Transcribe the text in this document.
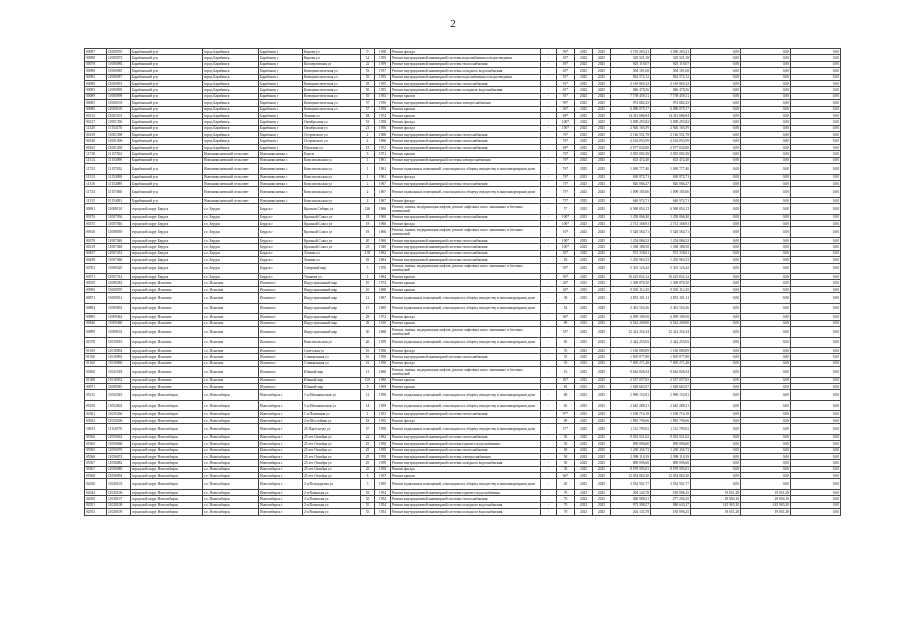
2
00097	11000070	Барабинский р-н	город Барабинск	Барабинск г	Кирова ул	9	1958	Ремонт фасада	-	96*	2025	2025	3 710 203,21	3 590 203,21	0,00	0,00	0,00
00098	11000075	Барабинский р-н	город Барабинск	Барабинск г	Кирова ул	12	1959	Ремонт внутридомовой инженерной системы водоснабжения и водоотведения	-	65*	2025	2025	329 521,18	329 521,18	0,00	0,00	0,00
00078	11000080	Барабинский р-н	город Барабинск	Барабинск г	Кооперативная ул	22	1959	Ремонт внутридомовой инженерной системы теплоснабжения	-	85*	2025	2025	825 118,07	825 118,07	0,00	0,00	0,00
00096	11000085	Барабинский р-н	город Барабинск	Барабинск г	Коммунистическая ул	53	1957	Ремонт внутридомовой инженерной системы холодного водоснабжения	-	65*	2025	2025	504 181,68	504 181,68	0,00	0,00	0,00
00092	11000087	Барабинский р-н	город Барабинск	Барабинск г	Коммунистическая ул	55	1955	Ремонт внутридомовой инженерной системы водоснабжения и водоотведения	-	91*	2025	2025	943 572,12	943 572,12	0,00	0,00	0,00
00090	11000091	Барабинский р-н	город Барабинск	Барабинск г	Коммунистическая ул	55	1955	Ремонт внутридомовой инженерной системы теплоснабжения	-	91*	2025	2025	2 149 865,32	2 149 865,32	0,00	0,00	0,00
00093	11000095	Барабинский р-н	город Барабинск	Барабинск г	Коммунистическая ул	55	1955	Ремонт внутридомовой инженерной системы холодного водоснабжения	-	91*	2025	2025	846 478,56	846 478,56	0,00	0,00	0,00
00089	11000098	Барабинский р-н	город Барабинск	Барабинск г	Коммунистическая ул	55	1955	Ремонт крыши	-	91*	2025	2025	7 758 458,11	7 758 458,11	0,00	0,00	0,00
00095	11000103	Барабинский р-н	город Барабинск	Барабинск г	Коммунистическая ул	57	1950	Ремонт внутридомовой инженерной системы электроснабжения	-	96*	2025	2025	974 682,25	974 682,25	0,00	0,00	0,00
00080	11000105	Барабинский р-н	город Барабинск	Барабинск г	Коммунистическая ул	57	1950	Ремонт крыши	-	96*	2025	2025	6 090 079,17	6 090 079,17	0,00	0,00	0,00
00113	11001103	Барабинский р-н	город Барабинск	Барабинск г	Ленина ул	94	1974	Ремонт крыши	-	68*	2025	2025	14 413 686,84	14 413 686,84	0,00	0,00	0,00
00127	11001356	Барабинский р-н	город Барабинск	Барабинск г	Октябрьская ул	19	1958	Ремонт фасада	-	100*	2025	2025	3 698 293,82	3 698 293,82	0,00	0,00	0,00
11320	11154176	Барабинский р-н	город Барабинск	Барабинск г	Октябрьская ул	21	1956	Ремонт фасада	-	100*	2025	2025	2 926 165,59	2 926 165,59	0,00	0,00	0,00
00139	11001398	Барабинский р-н	город Барабинск	Барабинск г	Островского ул	2	1968	Ремонт внутридомовой инженерной системы теплоснабжения	-	76*	2025	2025	2 146 551,78	2 146 551,78	0,00	0,00	0,00
00140	11001406	Барабинский р-н	город Барабинск	Барабинск г	Островского ул	4	1966	Ремонт внутридомовой инженерной системы теплоснабжения	-	76*	2025	2025	2 162 053,59	2 162 053,59	0,00	0,00	0,00
00165	11001458	Барабинский р-н	город Барабинск	Барабинск г	Пушкина ул	15	1972	Ремонт внутридомовой инженерной системы теплоснабжения	-	68*	2025	2025	2 077 043,80	2 077 043,80	0,00	0,00	0,00
11728	11157502	Барабинский р-н	Новониколаевский сельсовет	Новониколаевка с	Береза	5	1971	Ремонт крыши	-	76*	2025	2025	2 055 092,58	2 055 092,58	0,00	0,00	0,00
11314	11154098	Барабинский р-н	Новониколаевский сельсовет	Новониколаевка с	Комсомольская ул	1	1961	Ремонт внутридомовой инженерной системы электроснабжения	-	76*	2025	2025	623 472,40	623 472,40	0,00	0,00	0,00
11723	11157452	Барабинский р-н	Новониколаевский сельсовет	Новониколаевка с	Комсомольская ул	1	1961	Ремонт подвальных помещений, относящихся к общему имуществу в многоквартирном доме	-	76*	2025	2025	1 069 777,40	1 069 777,40	0,00	0,00	0,00
11313	11154090	Барабинский р-н	Новониколаевский сельсовет	Новониколаевка с	Комсомольская ул	1	1961	Ремонт фасада	-	76*	2025	2025	630 972,71	630 972,71	0,00	0,00	0,00
11316	11154089	Барабинский р-н	Новониколаевский сельсовет	Новониколаевка с	Комсомольская ул	2	1967	Ремонт внутридомовой инженерной системы теплоснабжения	-	75*	2025	2025	826 066,47	826 066,47	0,00	0,00	0,00
11724	11157460	Барабинский р-н	Новониколаевский сельсовет	Новониколаевка с	Комсомольская ул	2	1967	Ремонт подвальных помещений, относящихся к общему имуществу в многоквартирном доме	-	75*	2025	2025	1 009 185,66	1 009 185,66	0,00	0,00	0,00
11315	11154091	Барабинский р-н	Новониколаевский сельсовет	Новониколаевка с	Комсомольская ул	2	1967	Ремонт фасада	-	75*	2025	2025	640 972,71	640 972,71	0,00	0,00	0,00
00691	11008118	городской округ Бердск	г.о. Бердск	Бердск г	Красная Сибирь ул	126	1966	Ремонт, замена, модернизация лифтов, ремонт лифтовых шахт, машинных и блочных помещений	-	5*	2025	2025	6 560 054,13	6 560 054,13	0,00	0,00	0,00
00376	11007036	городской округ Бердск	г.о. Бердск	Бердск г	Красный Сокол ул	18	1960	Ремонт внутридомовой инженерной системы теплоснабжения	-	100*	2025	2025	1 258 066,30	1 258 066,30	0,00	0,00	0,00
00375	11007046	городской округ Бердск	г.о. Бердск	Бердск г	Красный Сокол ул	18	1960	Ремонт фасада	-	100*	2025	2025	2 712 168,91	2 712 168,91	0,00	0,00	0,00
00616	11008039	городской округ Бердск	г.о. Бердск	Бердск г	Красный Сокол ул	19	1966	Ремонт, замена, модернизация лифтов, ремонт лифтовых шахт, машинных и блочных помещений	-	10*	2025	2025	5 320 564,71	5 320 564,71	0,00	0,00	0,00
00378	11007040	городской округ Бердск	г.о. Бердск	Бердск г	Красный Сокол ул	20	1960	Ремонт внутридомовой инженерной системы теплоснабжения	-	100*	2025	2025	1 254 086,52	1 254 086,52	0,00	0,00	0,00
00319	11007048	городской округ Бердск	г.о. Бердск	Бердск г	Красный Сокол ул	23	1940	Ремонт внутридомовой инженерной системы теплоснабжения	-	100*	2025	2025	1 038 186,50	1 038 186,50	0,00	0,00	0,00
00457	11007452	городской округ Бердск	г.о. Бердск	Бердск г	Ленина ул	130	1962	Ремонт внутридомовой инженерной системы теплоснабжения	-	83*	2025	2025	972 158,61	972 158,61	0,00	0,00	0,00
00458	11007460	городской округ Бердск	г.о. Бердск	Бердск г	Ленина ул	92	1962	Ремонт внутридомовой инженерной системы теплоснабжения	-	83	2025	2025	1 205 963,53	1 205 963,53	0,00	0,00	0,00
00702	11008320	городской округ Бердск	г.о. Бердск	Бердск г	Северный мкр	5	1978	Ремонт, замена, модернизация лифтов, ремонт лифтовых шахт, машинных и блочных помещений	-	93*	2025	2025	5 301 125,42	5 301 125,42	0,00	0,00	0,00
00571	11007514	городской округ Бердск	г.о. Бердск	Бердск г	Ушакова ул	1	1964	Ремонт крыши	-	93*	2025	2025	10 215 832,12	10 215 832,12	0,00	0,00	0,00
00929	11009282	городской округ Искитим	г.о. Искитим	Искитим г	Индустриальный мкр	10	1974	Ремонт крыши	-	26*	2025	2025	1 309 976,50	1 309 976,50	0,00	0,00	0,00
00900	11009070	городской округ Искитим	г.о. Искитим	Искитим г	Индустриальный мкр	10	1968	Ремонт крыши	-	26*	2025	2025	9 003 112,45	9 003 112,45	0,00	0,00	0,00
00871	11009014	городской округ Искитим	г.о. Искитим	Искитим г	Индустриальный мкр	12	1967	Ремонт подвальных помещений, относящихся к общему имуществу в многоквартирном доме	-	38	2025	2025	2 851 101,11	2 851 101,11	0,00	0,00	0,00
00894	11009002	городской округ Искитим	г.о. Искитим	Искитим г	Индустриальный мкр	15	1969	Ремонт подвальных помещений, относящихся к общему имуществу в многоквартирном доме	-	54	2025	2025	2 461 554,26	2 461 554,26	0,00	0,00	0,00
00895	11009462	городской округ Искитим	г.о. Искитим	Искитим г	Индустриальный мкр	29	1972	Ремонт фасада	-	96*	2025	2025	6 009 180,50	6 009 180,50	0,00	0,00	0,00
00840	11009460	городской округ Искитим	г.о. Искитим	Искитим г	Индустриальный мкр	29	1918	Ремонт крыши	-	89	2025	2025	6 544 200,00	6 544 200,00	0,00	0,00	0,00
00899	11009102	городской округ Искитим	г.о. Искитим	Искитим г	Индустриальный мкр	30	1968	Ремонт, замена, модернизация лифтов, ремонт лифтовых шахт, машинных и блочных помещений	-	53*	2025	2025	12 414 254,34	12 414 254,34	0,00	0,00	0,00
01078	11010016	городской округ Искитим	г.о. Искитим	Искитим г	Комсомольская ул	26	1959	Ремонт подвальных помещений, относящихся к общему имуществу в многоквартирном доме	-	65	2025	2025	2 422 255,65	2 422 255,65	0,00	0,00	0,00
01169	11010092	городской округ Искитим	г.о. Искитим	Искитим г	Советская ул	16	1958	Ремонт фасада	-	55	2025	2025	1 100 080,09	1 100 080,09	0,00	0,00	0,00
01168	11010092	городской округ Искитим	г.о. Искитим	Искитим г	Станционная ул	16	1958	Ремонт внутридомовой инженерной системы теплоснабжения	-	55	2025	2025	1 605 077,88	1 605 077,88	0,00	0,00	0,00
01160	11010086	городской округ Искитим	г.о. Искитим	Искитим г	Станционная ул	16	1958	Ремонт фасада	-	55	2025	2025	7 695 271,28	7 695 271,28	0,00	0,00	0,00
00260	11021018	городской округ Искитим	г.о. Искитим	Искитим г	Южный мкр	13	1960	Ремонт, замена, модернизация лифтов, ремонт лифтовых шахт, машинных и блочных помещений	-	16	2025	2025	9 642 026,54	9 642 026,54	0,00	0,00	0,00
01308	11018032	городской округ Искитим	г.о. Искитим	Искитим г	Южный мкр	103	1980	Ремонт крыши	-	83*	2025	2025	2 537 057,65	2 537 057,65	0,00	0,00	0,00
00971	11009585	городской округ Искитим	г.о. Искитим	Искитим г	Южный мкр	9	1969	Ремонт крыши	-	82	2025	2025	1 028 663,97	1 028 663,97	0,00	0,00	0,00
05211	11052545	городской округ Новосибирск	г.о. Новосибирск	Новосибирск г	1-я Механическая ул	12	1958	Ремонт подвальных помещений, относящихся к общему имуществу в многоквартирном доме	-	68	2025	2025	1 969 152,81	1 969 152,81	0,00	0,00	0,00
05250	11052602	городской округ Новосибирск	г.о. Новосибирск	Новосибирск г	1-я Механическая ул	14	1959	Ремонт подвальных помещений, относящихся к общему имуществу в многоквартирном доме	-	65	2025	2025	2 645 288,21	2 645 288,21	0,00	0,00	0,00
02561	11025436	городской округ Новосибирск	г.о. Новосибирск	Новосибирск г	1-я Пашенная ул	1	1953	Ремонт внутридомовой инженерной системы теплоснабжения	-	97*	2025	2025	1 160 716,18	1 160 716,18	0,00	0,00	0,00
03952	11039206	городской округ Новосибирск	г.о. Новосибирск	Новосибирск г	2-я Шоссейная ул	18	1955	Ремонт фасада	-	89	2025	2025	1 892 790,66	1 892 790,66	0,00	0,00	0,00
10013	11116578	городской округ Новосибирск	г.о. Новосибирск	Новосибирск г	25 Партсъезда ул	57	1958	Ремонт подвальных помещений, относящихся к общему имуществу в многоквартирном доме	-	57*	2025	2025	1 112 709,02	1 112 709,02	0,00	0,00	0,00
05566	11056062	городской округ Новосибирск	г.о. Новосибирск	Новосибирск г	25 лет Октября ул	22	1962	Ремонт внутридомовой инженерной системы теплоснабжения	-	92	2025	2025	9 053 021,62	9 053 021,62	0,00	0,00	0,00
05565	11056068	городской округ Новосибирск	г.о. Новосибирск	Новосибирск г	25 лет Октября ул	25	1958	Ремонт внутридомовой инженерной системы горячего водоснабжения	-	50	2025	2025	899 096,60	899 096,60	0,00	0,00	0,00
05565	11056070	городской округ Новосибирск	г.о. Новосибирск	Новосибирск г	25 лет Октября ул	25	1958	Ремонт внутридомовой инженерной системы теплоснабжения	-	50	2025	2025	1 258 356,73	1 258 356,73	0,00	0,00	0,00
05566	11056074	городской округ Новосибирск	г.о. Новосибирск	Новосибирск г	25 лет Октября ул	25	1958	Ремонт внутридомовой инженерной системы электроснабжения	-	50	2025	2025	2 998 114,59	2 998 114,59	0,00	0,00	0,00
05567	11056082	городской округ Новосибирск	г.о. Новосибирск	Новосибирск г	25 лет Октября ул	25	1958	Ремонт внутридомовой инженерной системы холодного водоснабжения	-	50	2025	2025	809 096,60	809 096,60	0,00	0,00	0,00
05567	11056080	городской округ Новосибирск	г.о. Новосибирск	Новосибирск г	25 лет Октября ул	25	1958	Ремонт фасада	-	50	2025	2025	8 878 995,03	8 878 995,03	0,00	0,00	0,00
05568	11056094	городской округ Новосибирск	г.о. Новосибирск	Новосибирск г	25 лет Октября ул	6	1957	Ремонт крыши	-	66*	2025	2025	12 054 063,30	12 054 063,30	0,00	0,00	0,00
02020	11020103	городской округ Новосибирск	г.о. Новосибирск	Новосибирск г	2-я Володарская ул	3	1959	Ремонт подвальных помещений, относящихся к общему имуществу в многоквартирном доме	-	40	2025	2025	3 552 561,77	3 552 561,77	0,00	0,00	0,00
02043	11020106	городской округ Новосибирск	г.о. Новосибирск	Новосибирск г	2-я Воинская ул	55	1954	Ремонт внутридомовой инженерной системы горячего водоснабжения	-	70	2023	2025	204 143,78	185 096,25	19 651,28	19 651,28	0,00
02050	11020107	городской округ Новосибирск	г.о. Новосибирск	Новосибирск г	2-я Воинская ул	55	1954	Ремонт внутридомовой инженерной системы теплоснабжения	-	70	2023	2025	306 988,41	277 294,25	29 694,16	29 694,16	0,00
02051	11020108	городской округ Новосибирск	г.о. Новосибирск	Новосибирск г	2-я Воинская ул	55	1954	Ремонт внутридомовой инженерной системы холодного водоснабжения	-	70	2023	2025	972 398,57	880 633,27	145 965,30	145 965,30	0,00
02053	11020109	городской округ Новосибирск	г.о. Новосибирск	Новосибирск г	2-я Воинская ул	55	1954	Ремонт внутридомовой инженерной системы холодного водоснабжения	-	70	2023	2025	204 143,78	185 096,25	19 651,28	19 651,28	0,00
